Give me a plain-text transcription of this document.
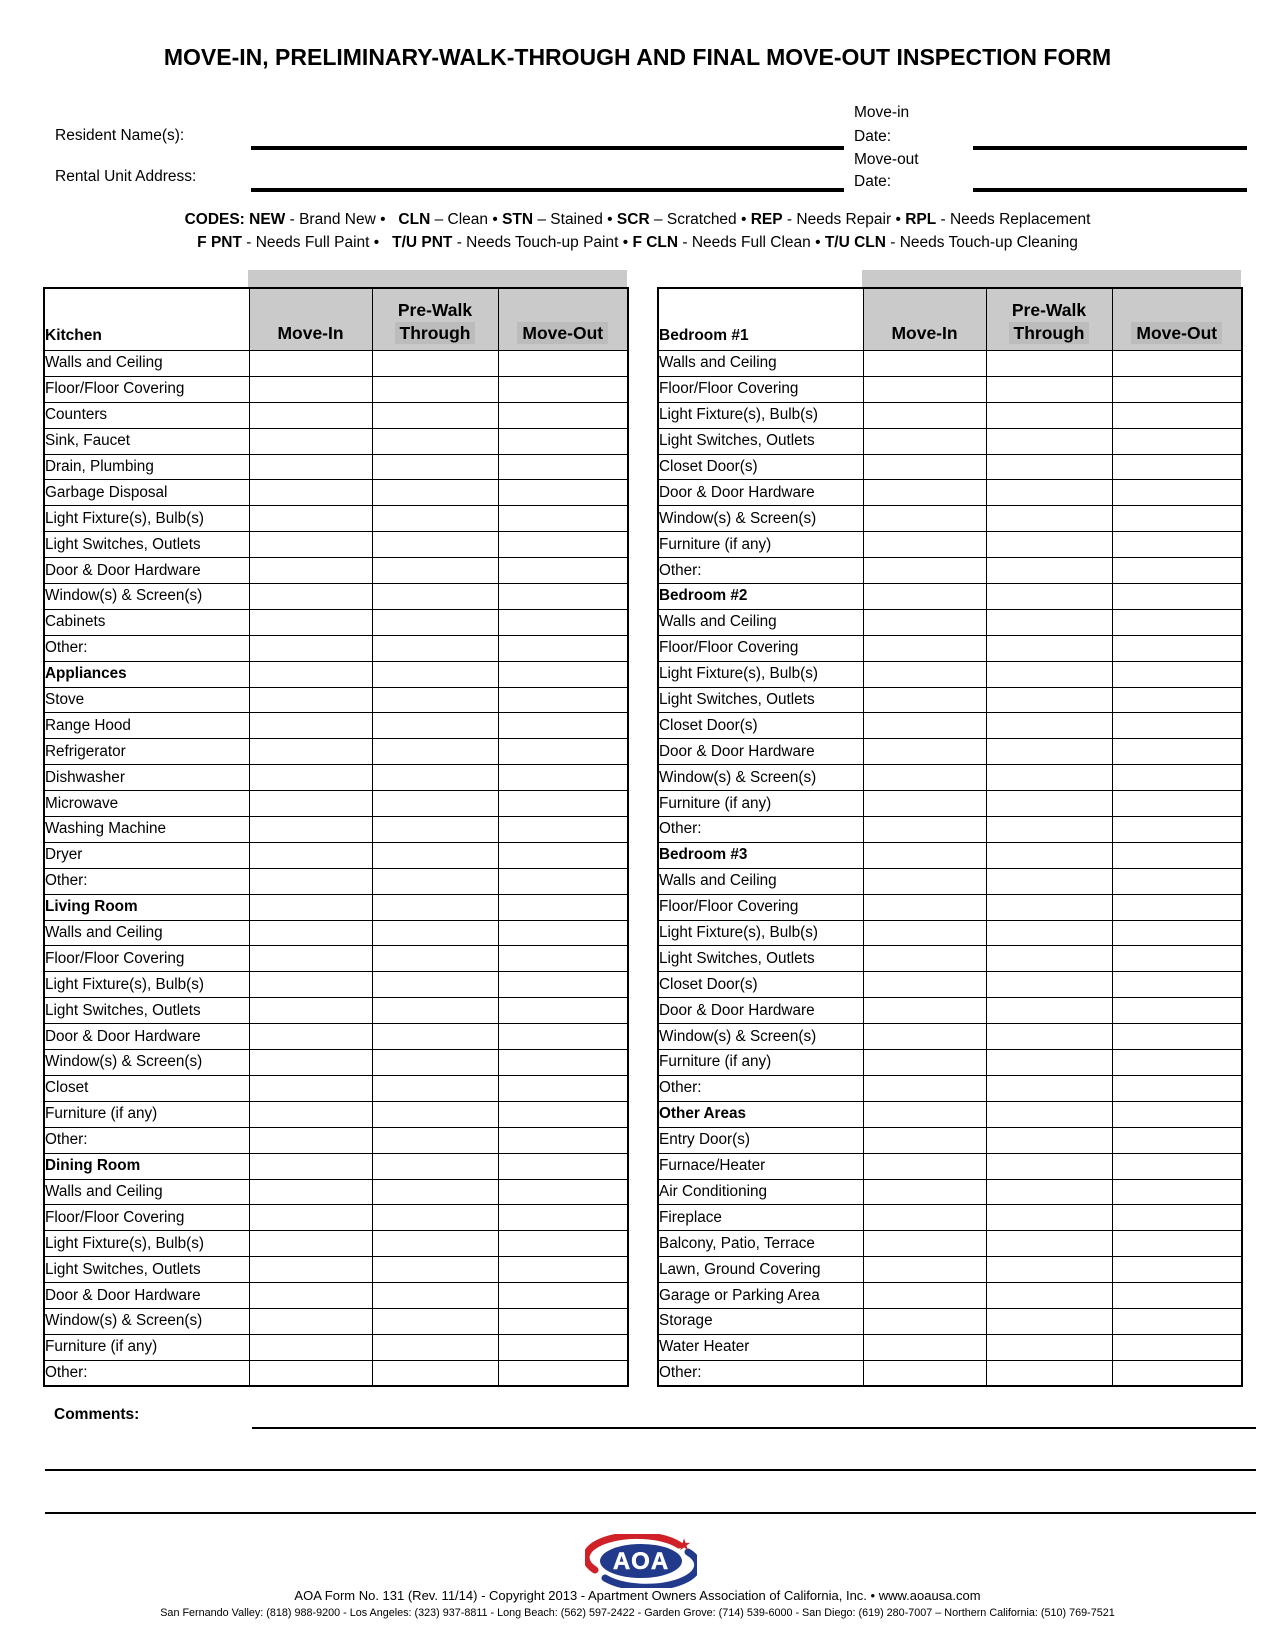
MOVE-IN, PRELIMINARY-WALK-THROUGH AND FINAL MOVE-OUT INSPECTION FORM
Resident Name(s):
Rental Unit Address:
Move-in
Date:
Move-out
Date:
CODES: NEW - Brand New •   CLN – Clean • STN – Stained • SCR – Scratched • REP - Needs Repair • RPL - Needs Replacement
F PNT - Needs Full Paint •   T/U PNT - Needs Touch-up Paint • F CLN - Needs Full Clean • T/U CLN - Needs Touch-up Cleaning
Kitchen	Move-In	Pre-Walk
Through	Move-Out
Walls and Ceiling			
Floor/Floor Covering			
Counters			
Sink, Faucet			
Drain, Plumbing			
Garbage Disposal			
Light Fixture(s), Bulb(s)			
Light Switches, Outlets			
Door & Door Hardware			
Window(s) & Screen(s)			
Cabinets			
Other:			
Appliances			
Stove			
Range Hood			
Refrigerator			
Dishwasher			
Microwave			
Washing Machine			
Dryer			
Other:			
Living Room			
Walls and Ceiling			
Floor/Floor Covering			
Light Fixture(s), Bulb(s)			
Light Switches, Outlets			
Door & Door Hardware			
Window(s) & Screen(s)			
Closet			
Furniture (if any)			
Other:			
Dining Room			
Walls and Ceiling			
Floor/Floor Covering			
Light Fixture(s), Bulb(s)			
Light Switches, Outlets			
Door & Door Hardware			
Window(s) & Screen(s)			
Furniture (if any)			
Other:			
Bedroom #1	Move-In	Pre-Walk
Through	Move-Out
Walls and Ceiling			
Floor/Floor Covering			
Light Fixture(s), Bulb(s)			
Light Switches, Outlets			
Closet Door(s)			
Door & Door Hardware			
Window(s) & Screen(s)			
Furniture (if any)			
Other:			
Bedroom #2			
Walls and Ceiling			
Floor/Floor Covering			
Light Fixture(s), Bulb(s)			
Light Switches, Outlets			
Closet Door(s)			
Door & Door Hardware			
Window(s) & Screen(s)			
Furniture (if any)			
Other:			
Bedroom #3			
Walls and Ceiling			
Floor/Floor Covering			
Light Fixture(s), Bulb(s)			
Light Switches, Outlets			
Closet Door(s)			
Door & Door Hardware			
Window(s) & Screen(s)			
Furniture (if any)			
Other:			
Other Areas			
Entry Door(s)			
Furnace/Heater			
Air Conditioning			
Fireplace			
Balcony, Patio, Terrace			
Lawn, Ground Covering			
Garage or Parking Area			
Storage			
Water Heater			
Other:			
Comments:
★
AOA
AOA Form No. 131 (Rev. 11/14) - Copyright 2013 - Apartment Owners Association of California, Inc. • www.aoausa.com
San Fernando Valley: (818) 988-9200 - Los Angeles: (323) 937-8811 - Long Beach: (562) 597-2422 - Garden Grove: (714) 539-6000 - San Diego: (619) 280-7007 – Northern California: (510) 769-7521
